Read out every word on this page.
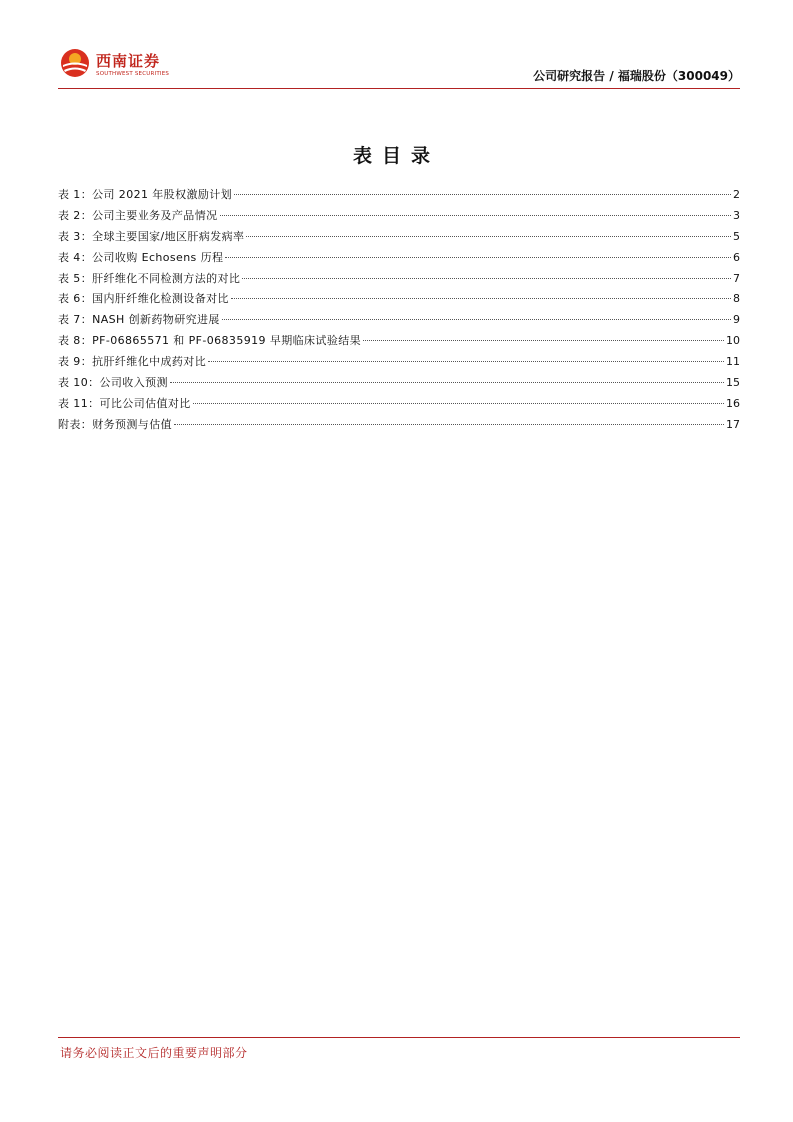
西南证券
SOUTHWEST SECURITIES	公司研究报告 / 福瑞股份（300049）
表目录
表 1：公司 2021 年股权激励计划	2
表 2：公司主要业务及产品情况	3
表 3：全球主要国家/地区肝病发病率	5
表 4：公司收购 Echosens 历程	6
表 5：肝纤维化不同检测方法的对比	7
表 6：国内肝纤维化检测设备对比	8
表 7：NASH 创新药物研究进展	9
表 8：PF-06865571 和 PF-06835919 早期临床试验结果	10
表 9：抗肝纤维化中成药对比	11
表 10：公司收入预测	15
表 11：可比公司估值对比	16
附表：财务预测与估值	17
请务必阅读正文后的重要声明部分
